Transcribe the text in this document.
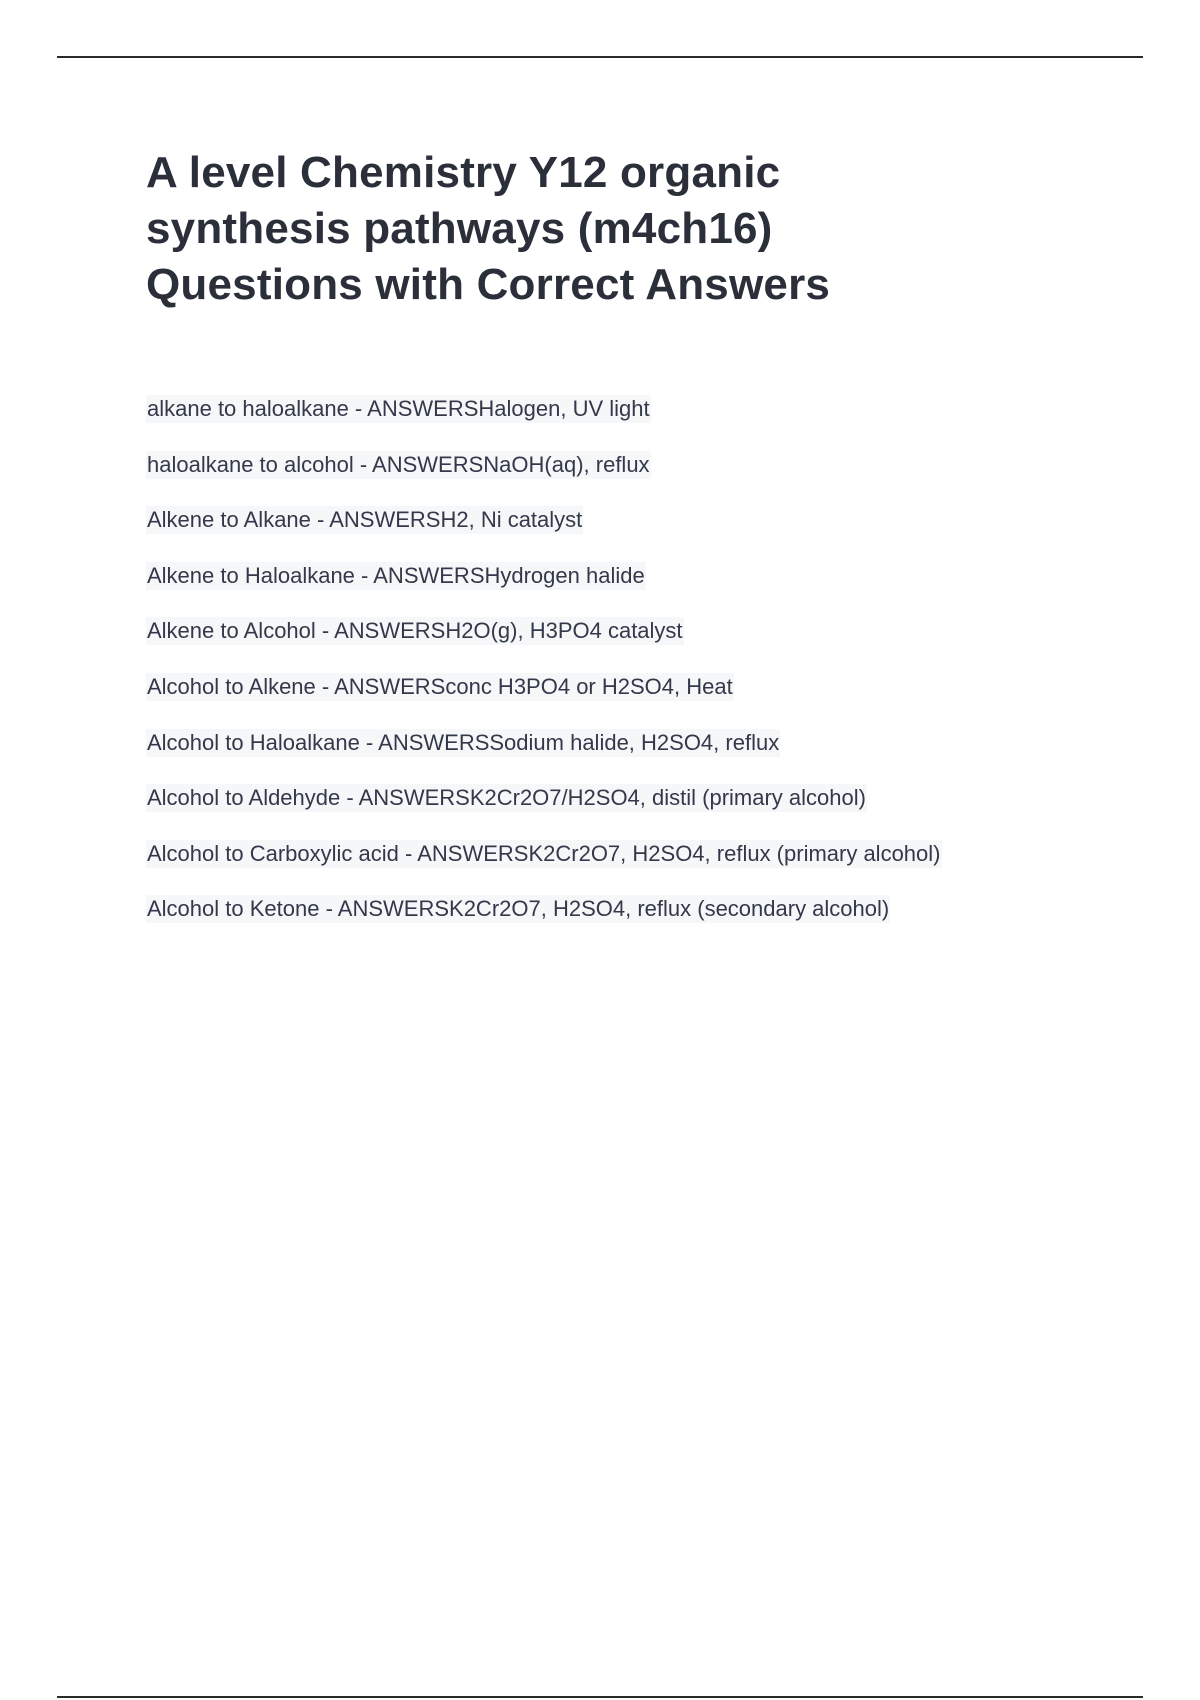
A level Chemistry Y12 organic
synthesis pathways (m4ch16)
Questions with Correct Answers
alkane to haloalkane - ANSWERSHalogen, UV light
haloalkane to alcohol - ANSWERSNaOH(aq), reflux
Alkene to Alkane - ANSWERSH2, Ni catalyst
Alkene to Haloalkane - ANSWERSHydrogen halide
Alkene to Alcohol - ANSWERSH2O(g), H3PO4 catalyst
Alcohol to Alkene - ANSWERSconc H3PO4 or H2SO4, Heat
Alcohol to Haloalkane - ANSWERSSodium halide, H2SO4, reflux
Alcohol to Aldehyde - ANSWERSK2Cr2O7/H2SO4, distil (primary alcohol)
Alcohol to Carboxylic acid - ANSWERSK2Cr2O7, H2SO4, reflux (primary alcohol)
Alcohol to Ketone - ANSWERSK2Cr2O7, H2SO4, reflux (secondary alcohol)
